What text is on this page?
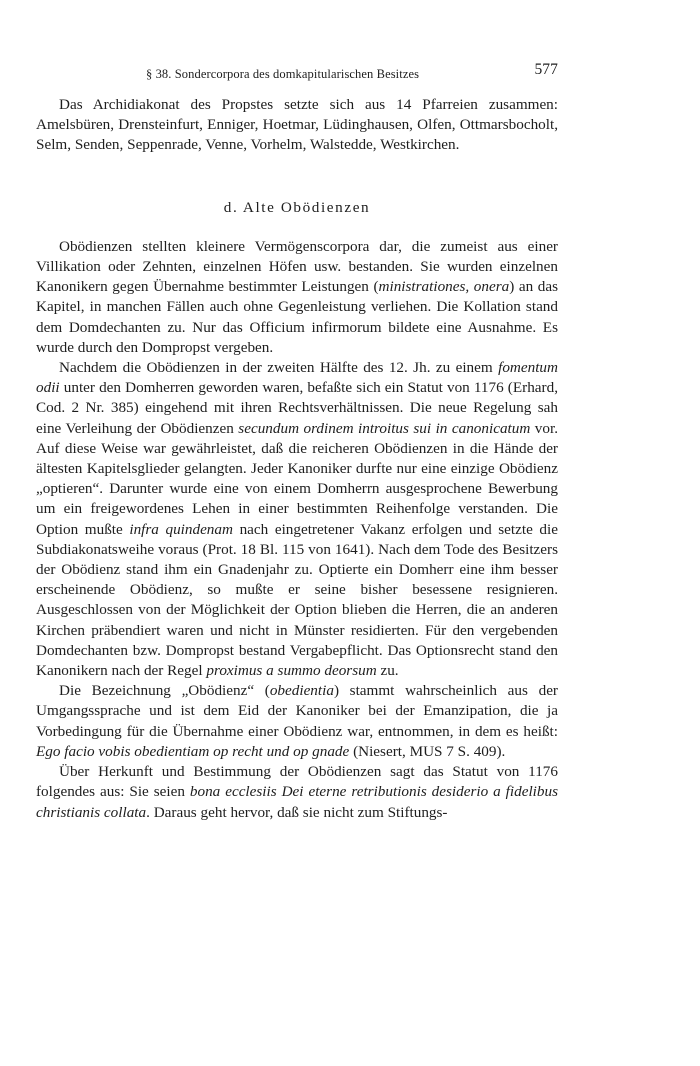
§ 38. Sondercorpora des domkapitularischen Besitzes	577

Das Archidiakonat des Propstes setzte sich aus 14 Pfarreien zusammen: Amelsbüren, Drensteinfurt, Enniger, Hoetmar, Lüdinghausen, Olfen, Ottmarsbocholt, Selm, Senden, Seppenrade, Venne, Vorhelm, Walstedde, Westkirchen.

d. Alte Obödienzen

Obödienzen stellten kleinere Vermögenscorpora dar, die zumeist aus einer Villikation oder Zehnten, einzelnen Höfen usw. bestanden. Sie wurden einzelnen Kanonikern gegen Übernahme bestimmter Leistungen (ministrationes, onera) an das Kapitel, in manchen Fällen auch ohne Gegenleistung verliehen. Die Kollation stand dem Domdechanten zu. Nur das Officium infirmorum bildete eine Ausnahme. Es wurde durch den Dompropst vergeben.

Nachdem die Obödienzen in der zweiten Hälfte des 12. Jh. zu einem fomentum odii unter den Domherren geworden waren, befaßte sich ein Statut von 1176 (Erhard, Cod. 2 Nr. 385) eingehend mit ihren Rechtsverhältnissen. Die neue Regelung sah eine Verleihung der Obödienzen secundum ordinem introitus sui in canonicatum vor. Auf diese Weise war gewährleistet, daß die reicheren Obödienzen in die Hände der ältesten Kapitelsglieder gelangten. Jeder Kanoniker durfte nur eine einzige Obödienz „optieren“. Darunter wurde eine von einem Domherrn ausgesprochene Bewerbung um ein freigewordenes Lehen in einer bestimmten Reihenfolge verstanden. Die Option mußte infra quindenam nach eingetretener Vakanz erfolgen und setzte die Subdiakonatsweihe voraus (Prot. 18 Bl. 115 von 1641). Nach dem Tode des Besitzers der Obödienz stand ihm ein Gnadenjahr zu. Optierte ein Domherr eine ihm besser erscheinende Obödienz, so mußte er seine bisher besessene resignieren. Ausgeschlossen von der Möglichkeit der Option blieben die Herren, die an anderen Kirchen präbendiert waren und nicht in Münster residierten. Für den vergebenden Domdechanten bzw. Dompropst bestand Vergabepflicht. Das Optionsrecht stand den Kanonikern nach der Regel proximus a summo deorsum zu.

Die Bezeichnung „Obödienz“ (obedientia) stammt wahrscheinlich aus der Umgangssprache und ist dem Eid der Kanoniker bei der Emanzipation, die ja Vorbedingung für die Übernahme einer Obödienz war, entnommen, in dem es heißt: Ego facio vobis obedientiam op recht und op gnade (Niesert, MUS 7 S. 409).

Über Herkunft und Bestimmung der Obödienzen sagt das Statut von 1176 folgendes aus: Sie seien bona ecclesiis Dei eterne retributionis desiderio a fidelibus christianis collata. Daraus geht hervor, daß sie nicht zum Stiftungs-
